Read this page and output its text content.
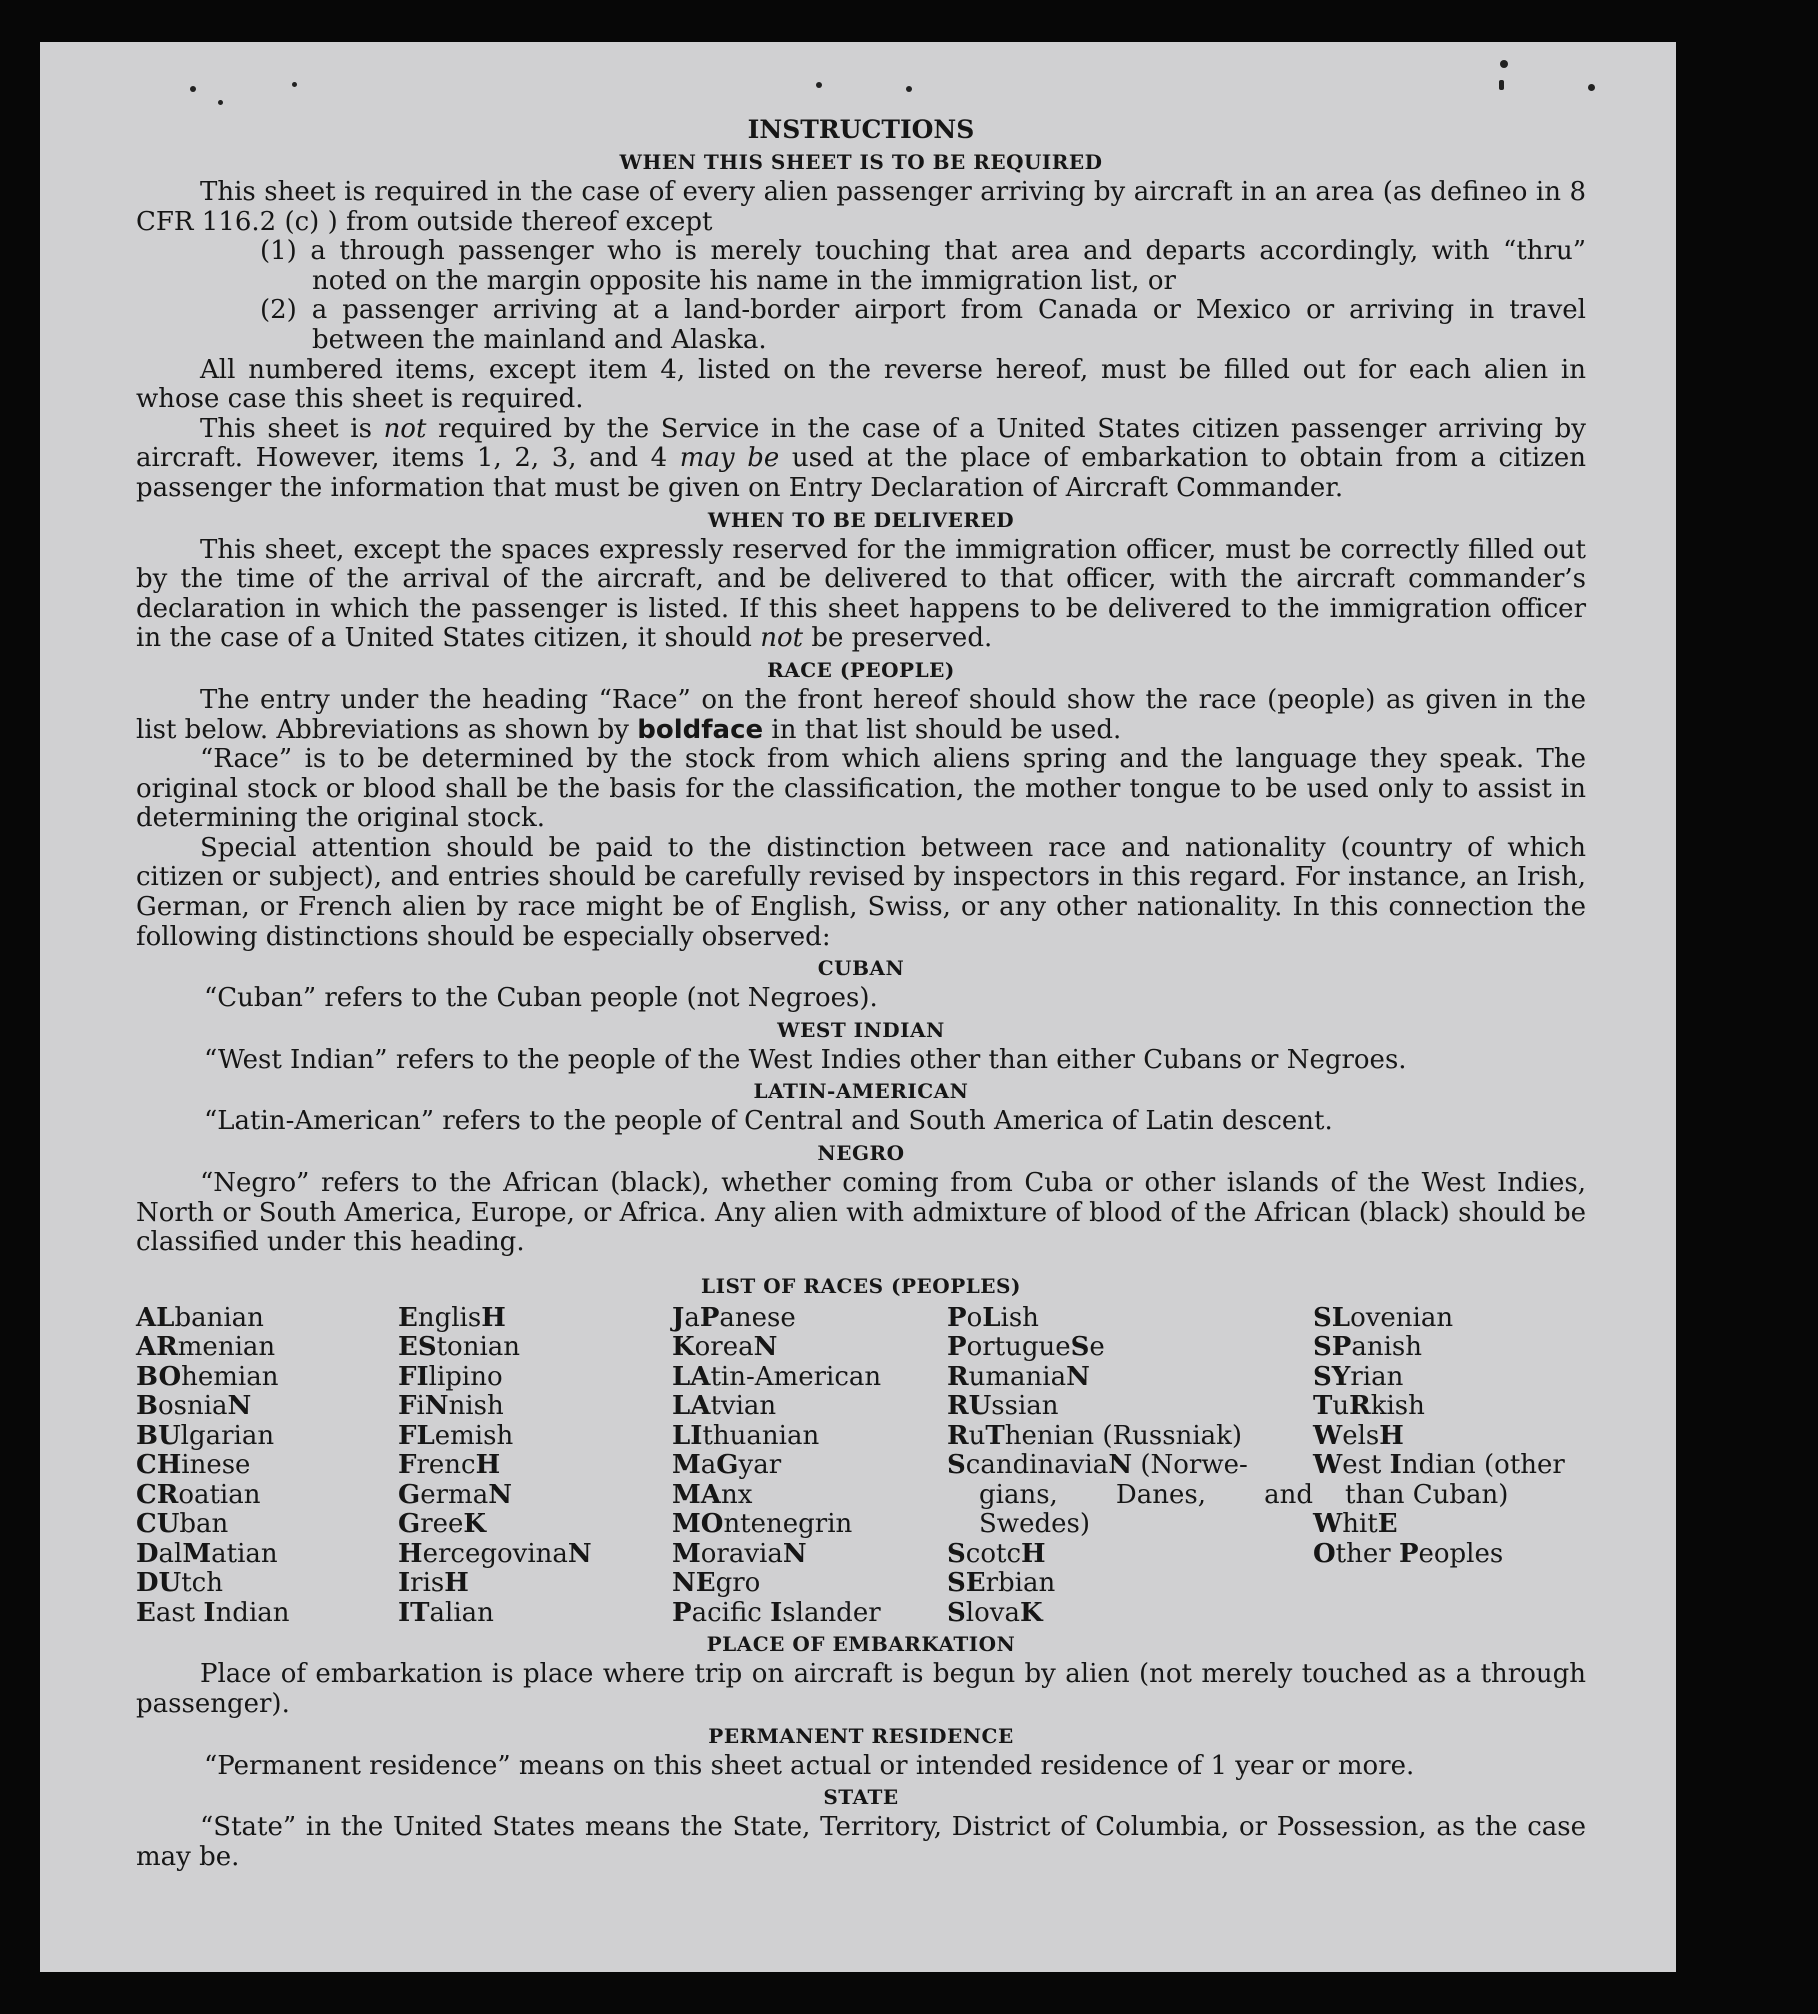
INSTRUCTIONS
WHEN THIS SHEET IS TO BE REQUIRED

This sheet is required in the case of every alien passenger arriving by aircraft in an area (as defineo in 8 CFR 116.2 (c) ) from outside thereof except

(1) a through passenger who is merely touching that area and departs accordingly, with “thru” noted on the margin opposite his name in the immigration list, or

(2) a passenger arriving at a land-border airport from Canada or Mexico or arriving in travel between the mainland and Alaska.

All numbered items, except item 4, listed on the reverse hereof, must be filled out for each alien in whose case this sheet is required.

This sheet is not required by the Service in the case of a United States citizen passenger arriving by aircraft. However, items 1, 2, 3, and 4 may be used at the place of embarkation to obtain from a citizen passenger the information that must be given on Entry Declaration of Aircraft Commander.

WHEN TO BE DELIVERED

This sheet, except the spaces expressly reserved for the immigration officer, must be correctly filled out by the time of the arrival of the aircraft, and be delivered to that officer, with the aircraft commander’s declaration in which the passenger is listed. If this sheet happens to be delivered to the immigration officer in the case of a United States citizen, it should not be preserved.

RACE (PEOPLE)

The entry under the heading “Race” on the front hereof should show the race (people) as given in the list below. Abbreviations as shown by boldface in that list should be used.

“Race” is to be determined by the stock from which aliens spring and the language they speak. The original stock or blood shall be the basis for the classification, the mother tongue to be used only to assist in determining the original stock.

Special attention should be paid to the distinction between race and nationality (country of which citizen or subject), and entries should be carefully revised by inspectors in this regard. For instance, an Irish, German, or French alien by race might be of English, Swiss, or any other nationality. In this connection the following distinctions should be especially observed:

CUBAN

“Cuban” refers to the Cuban people (not Negroes).

WEST INDIAN

“West Indian” refers to the people of the West Indies other than either Cubans or Negroes.

LATIN-AMERICAN

“Latin-American” refers to the people of Central and South America of Latin descent.

NEGRO

“Negro” refers to the African (black), whether coming from Cuba or other islands of the West Indies, North or South America, Europe, or Africa. Any alien with admixture of blood of the African (black) should be classified under this heading.

LIST OF RACES (PEOPLES)
ALbanian
ARmenian
BOhemian
BosniaN
BUlgarian
CHinese
CRoatian
CUban
DalMatian
DUtch
East Indian
EnglisH
EStonian
FIlipino
FiNnish
FLemish
FrencH
GermaN
GreeK
HercegovinaN
IrisH
ITalian
JaPanese
KoreaN
LAtin-American
LAtvian
LIthuanian
MaGyar
MAnx
MOntenegrin
MoraviaN
NEgro
Pacific Islander
PoLish
PortugueSe
RumaniaN
RUssian
RuThenian (Russniak)
ScandinaviaN (Norwe-
gians, Danes, and
Swedes)
ScotcH
SErbian
SlovaK
SLovenian
SPanish
SYrian
TuRkish
WelsH
West Indian (other
than Cuban)
WhitE
Other Peoples
PLACE OF EMBARKATION

Place of embarkation is place where trip on aircraft is begun by alien (not merely touched as a through passenger).

PERMANENT RESIDENCE

“Permanent residence” means on this sheet actual or intended residence of 1 year or more.

STATE

“State” in the United States means the State, Territory, District of Columbia, or Possession, as the case may be.
